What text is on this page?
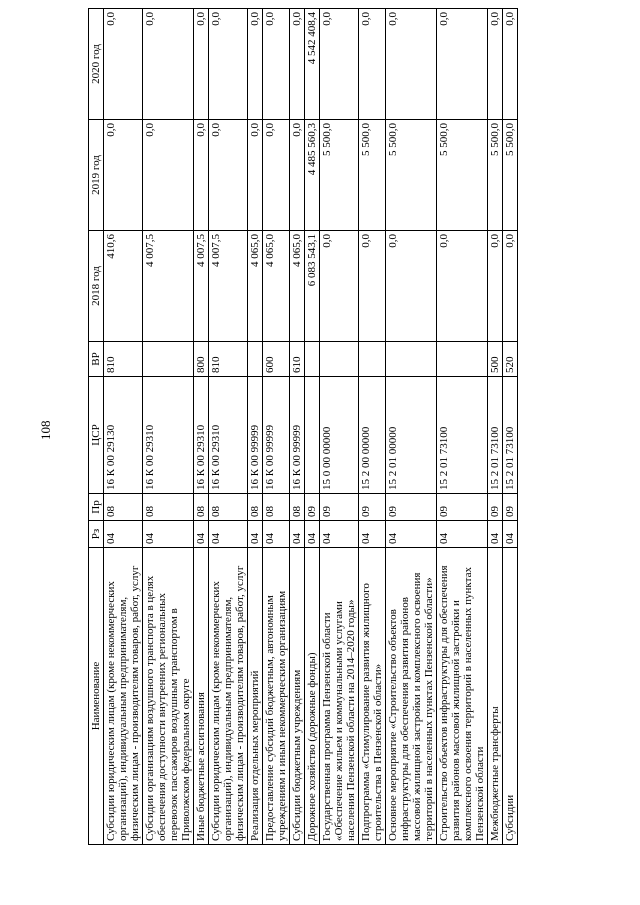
108
Наименование	Рз	Пр	ЦСР	ВР	2018 год	2019 год	2020 год
Субсидии юридическим лицам (кроме некоммерческих организаций), индивидуальным предпринимателям, физическим лицам - производителям товаров, работ, услуг	04	08	16 К 00 29130	810	410,6	0,0	0,0
Субсидии организациям воздушного транспорта в целях обеспечения доступности внутренних региональных перевозок пассажиров воздушным транспортом в Приволжском федеральном округе	04	08	16 К 00 29310		4 007,5	0,0	0,0
Иные бюджетные ассигнования	04	08	16 К 00 29310	800	4 007,5	0,0	0,0
Субсидии юридическим лицам (кроме некоммерческих организаций), индивидуальным предпринимателям, физическим лицам - производителям товаров, работ, услуг	04	08	16 К 00 29310	810	4 007,5	0,0	0,0
Реализация отдельных мероприятий	04	08	16 К 00 99999		4 065,0	0,0	0,0
Предоставление субсидий бюджетным, автономным учреждениям и иным некоммерческим организациям	04	08	16 К 00 99999	600	4 065,0	0,0	0,0
Субсидии бюджетным учреждениям	04	08	16 К 00 99999	610	4 065,0	0,0	0,0
Дорожное хозяйство (дорожные фонды)	04	09			6 083 543,1	4 485 560,3	4 542 408,4
Государственная программа Пензенской области «Обеспечение жильем и коммунальными услугами населения Пензенской области на 2014–2020 годы»	04	09	15 0 00 00000		0,0	5 500,0	0,0
Подпрограмма «Стимулирование развития жилищного строительства в Пензенской области»	04	09	15 2 00 00000		0,0	5 500,0	0,0
Основное мероприятие «Строительство объектов инфраструктуры для обеспечения развития районов массовой жилищной застройки и комплексного освоения территорий в населенных пунктах Пензенской области»	04	09	15 2 01 00000		0,0	5 500,0	0,0
Строительство объектов инфраструктуры для обеспечения развития районов массовой жилищной застройки и комплексного освоения территорий в населенных пунктах Пензенской области	04	09	15 2 01 73100		0,0	5 500,0	0,0
Межбюджетные трансферты	04	09	15 2 01 73100	500	0,0	5 500,0	0,0
Субсидии	04	09	15 2 01 73100	520	0,0	5 500,0	0,0
